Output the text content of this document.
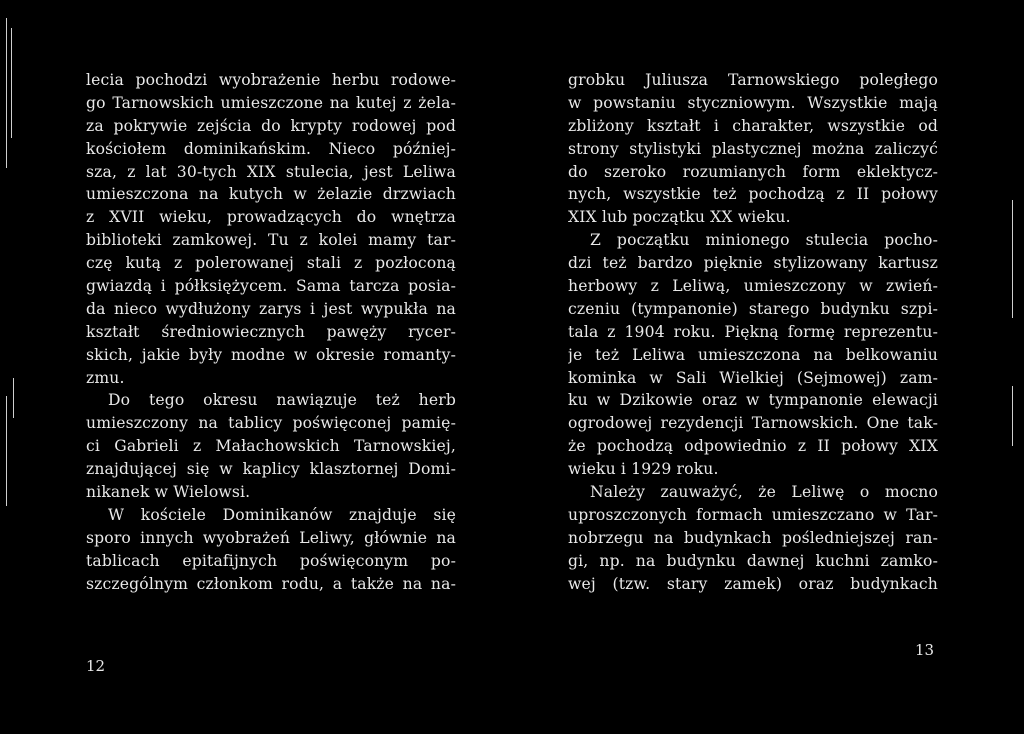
lecia pochodzi wyobrażenie herbu rodowe-
go Tarnowskich umieszczone na kutej z żela-
za pokrywie zejścia do krypty rodowej pod
kościołem dominikańskim. Nieco później-
sza, z lat 30-tych XIX stulecia, jest Leliwa
umieszczona na kutych w żelazie drzwiach
z XVII wieku, prowadzących do wnętrza
biblioteki zamkowej. Tu z kolei mamy tar-
czę kutą z polerowanej stali z pozłoconą
gwiazdą i półksiężycem. Sama tarcza posia-
da nieco wydłużony zarys i jest wypukła na
kształt średniowiecznych pawęży rycer-
skich, jakie były modne w okresie romanty-
zmu.
Do tego okresu nawiązuje też herb
umieszczony na tablicy poświęconej pamię-
ci Gabrieli z Małachowskich Tarnowskiej,
znajdującej się w kaplicy klasztornej Domi-
nikanek w Wielowsi.
W kościele Dominikanów znajduje się
sporo innych wyobrażeń Leliwy, głównie na
tablicach epitafijnych poświęconym po-
szczególnym członkom rodu, a także na na-
12
grobku Juliusza Tarnowskiego poległego
w powstaniu styczniowym. Wszystkie mają
zbliżony kształt i charakter, wszystkie od
strony stylistyki plastycznej można zaliczyć
do szeroko rozumianych form eklektycz-
nych, wszystkie też pochodzą z II połowy
XIX lub początku XX wieku.
Z początku minionego stulecia pocho-
dzi też bardzo pięknie stylizowany kartusz
herbowy z Leliwą, umieszczony w zwień-
czeniu (tympanonie) starego budynku szpi-
tala z 1904 roku. Piękną formę reprezentu-
je też Leliwa umieszczona na belkowaniu
kominka w Sali Wielkiej (Sejmowej) zam-
ku w Dzikowie oraz w tympanonie elewacji
ogrodowej rezydencji Tarnowskich. One tak-
że pochodzą odpowiednio z II połowy XIX
wieku i 1929 roku.
Należy zauważyć, że Leliwę o mocno
uproszczonych formach umieszczano w Tar-
nobrzegu na budynkach pośledniejszej ran-
gi, np. na budynku dawnej kuchni zamko-
wej (tzw. stary zamek) oraz budynkach
13
